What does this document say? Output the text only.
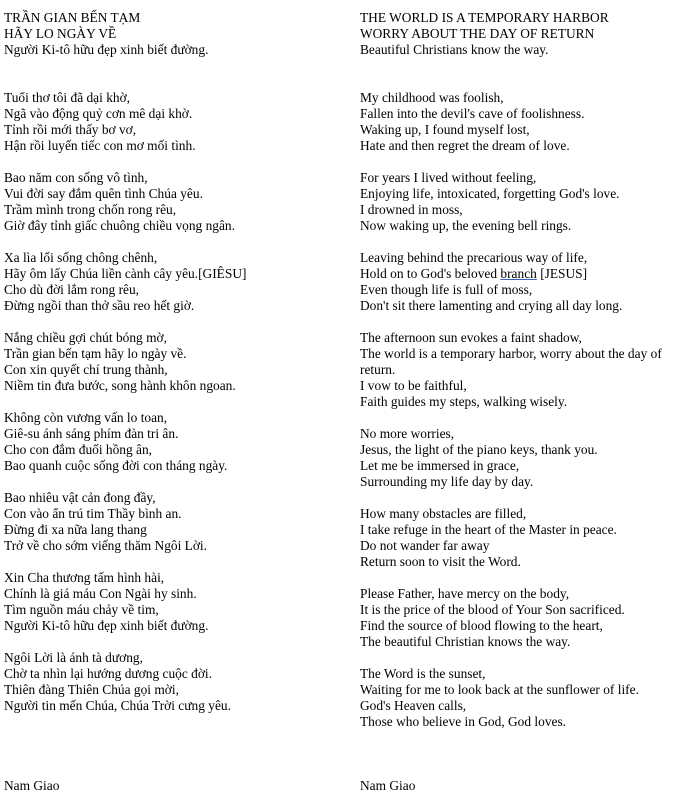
TRẦN GIAN BẾN TẠM
HÃY LO NGÀY VỀ
Người Ki-tô hữu đẹp xinh biết đường.
Tuổi thơ tôi đã dại khờ,
Ngã vào động quỷ cơn mê dại khờ.
Tỉnh rồi mới thấy bơ vơ,
Hận rồi luyến tiếc con mơ mối tình.
Bao năm con sống vô tình,
Vui đời say đắm quên tình Chúa yêu.
Trầm mình trong chốn rong rêu,
Giờ đây tỉnh giấc chuông chiều vọng ngân.
Xa lìa lối sống chông chênh,
Hãy ôm lấy Chúa liền cành cây yêu.[GIÊSU]
Cho dù đời lắm rong rêu,
Đừng ngồi than thở sầu reo hết giờ.
Nắng chiều gợi chút bóng mờ,
Trần gian bến tạm hãy lo ngày về.
Con xin quyết chí trung thành,
Niềm tin đưa bước, song hành khôn ngoan.
Không còn vương vấn lo toan,
Giê-su ánh sáng phím đàn tri ân.
Cho con đắm đuối hồng ân,
Bao quanh cuộc sống đời con tháng ngày.
Bao nhiêu vật cản đong đầy,
Con vào ẩn trú tim Thầy bình an.
Đừng đi xa nữa lang thang
Trở về cho sớm viếng thăm Ngôi Lời.
Xin Cha thương tấm hình hài,
Chính là giá máu Con Ngài hy sinh.
Tìm nguồn máu chảy về tim,
Người Ki-tô hữu đẹp xinh biết đường.
Ngôi Lời là ánh tà dương,
Chờ ta nhìn lại hướng dương cuộc đời.
Thiên đàng Thiên Chúa gọi mời,
Người tin mến Chúa, Chúa Trời cưng yêu.
THE WORLD IS A TEMPORARY HARBOR
WORRY ABOUT THE DAY OF RETURN
Beautiful Christians know the way.
My childhood was foolish,
Fallen into the devil's cave of foolishness.
Waking up, I found myself lost,
Hate and then regret the dream of love.
For years I lived without feeling,
Enjoying life, intoxicated, forgetting God's love.
I drowned in moss,
Now waking up, the evening bell rings.
Leaving behind the precarious way of life,
Hold on to God's beloved branch [JESUS]
Even though life is full of moss,
Don't sit there lamenting and crying all day long.
The afternoon sun evokes a faint shadow,
The world is a temporary harbor, worry about the day of return.
I vow to be faithful,
Faith guides my steps, walking wisely.
No more worries,
Jesus, the light of the piano keys, thank you.
Let me be immersed in grace,
Surrounding my life day by day.
How many obstacles are filled,
I take refuge in the heart of the Master in peace.
Do not wander far away
Return soon to visit the Word.
Please Father, have mercy on the body,
It is the price of the blood of Your Son sacrificed.
Find the source of blood flowing to the heart,
The beautiful Christian knows the way.
The Word is the sunset,
Waiting for me to look back at the sunflower of life.
God's Heaven calls,
Those who believe in God, God loves.
Nam Giao	Nam Giao
